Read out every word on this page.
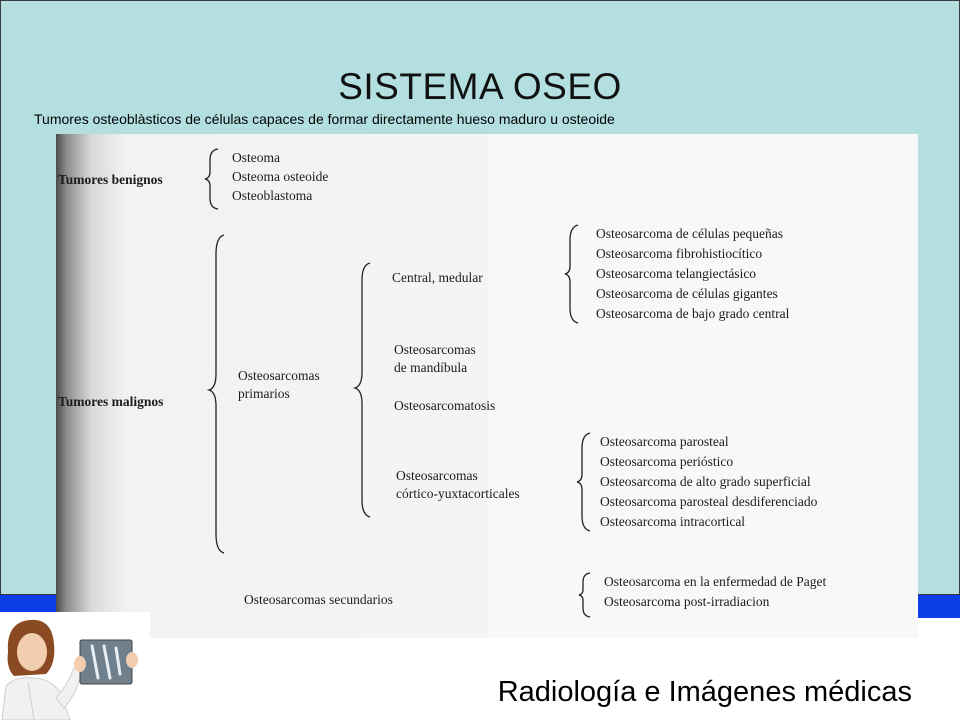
SISTEMA OSEO
Tumores osteoblàsticos de células capaces de formar directamente hueso maduro u osteoide
Tumores benignos
Osteoma
Osteoma osteoide
Osteoblastoma
Tumores malignos
Osteosarcomas
primarios
Central, medular
Osteosarcoma de células pequeñas
Osteosarcoma fibrohistiocítico
Osteosarcoma telangiectásico
Osteosarcoma de células gigantes
Osteosarcoma de bajo grado central
Osteosarcomas
de mandíbula
Osteosarcomatosis
Osteosarcomas
córtico-yuxtacorticales
Osteosarcoma parosteal
Osteosarcoma perióstico
Osteosarcoma de alto grado superficial
Osteosarcoma parosteal desdiferenciado
Osteosarcoma intracortical
Osteosarcomas secundarios
Osteosarcoma en la enfermedad de Paget
Osteosarcoma post-irradiacion
Radiología e Imágenes médicas
